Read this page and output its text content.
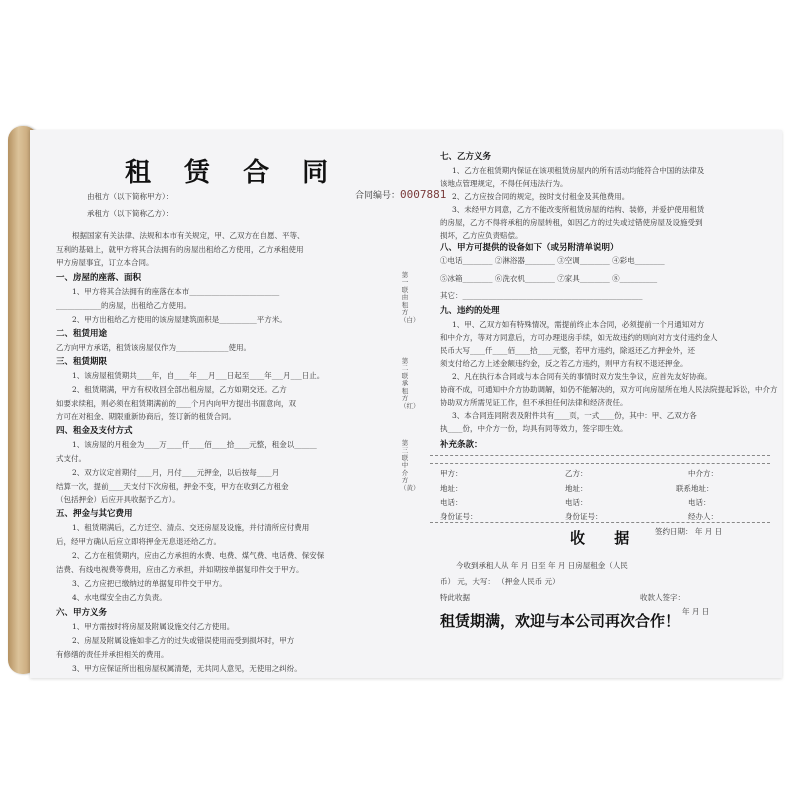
租 赁 合 同
合同编号：0007881
由租方（以下简称甲方）：
承租方（以下简称乙方）：
根据国家有关法律、法规和本市有关规定，甲、乙双方在自愿、平等、
互利的基础上，就甲方将其合法拥有的房屋出租给乙方使用，乙方承租使用
甲方房屋事宜，订立本合同。
一、房屋的座落、面积
1、甲方将其合法拥有的座落在本市________________________
____________的房屋，出租给乙方使用。
2、甲方出租给乙方使用的该房屋建筑面积是__________平方米。
二、租赁用途
乙方向甲方承诺，租赁该房屋仅作为______________使用。
三、租赁期限
1、该房屋租赁期共____年，自____年___月___日起至____年___月___日止。
2、租赁期满，甲方有权收回全部出租房屋，乙方如期交还。乙方
如要求续租，则必须在租赁期满前的____个月内向甲方提出书面意向，双
方可在对租金、期限重新协商后，签订新的租赁合同。
四、租金及支付方式
1、该房屋的月租金为____万____仟____佰____拾____元整，租金以______
式支付。
2、双方议定首期付____月，月付____元押金，以后按每____月
结算一次，提前____天支付下次房租，押金不变，甲方在收到乙方租金
（包括押金）后应开具收据予乙方）。
五、押金与其它费用
1、租赁期满后，乙方迁空、清点、交还房屋及设施，并付清所应付费用
后，经甲方确认后应立即将押金无息退还给乙方。
2、乙方在租赁期内，应由乙方承担的水费、电费、煤气费、电话费、保安保
洁费、有线电视费等费用，应由乙方承担，并如期按单据复印件交于甲方。
3、乙方应把已缴纳过的单据复印件交于甲方。
4、水电煤安全由乙方负责。
六、甲方义务
1、甲方需按时将房屋及附属设施交付乙方使用。
2、房屋及附属设施如非乙方的过失或错误使用而受到损坏时，甲方
有修缮的责任并承担相关的费用。
3、甲方应保证所出租房屋权属清楚，无共同人意见，无使用之纠纷。
第一联由租方（白）
第二联承租方（红）
第三联中介方（黄）
七、乙方义务
1、乙方在租赁期内保证在该项租赁房屋内的所有活动均能符合中国的法律及
该地点管理规定，不得任何违法行为。
2、乙方应按合同的规定，按时支付租金及其他费用。
3、未经甲方同意，乙方不能改变所租赁房屋的结构、装修，并爱护使用租赁
的房屋，乙方不得将承租的房屋转租，如因乙方的过失或过错使房屋及设施受到
损坏，乙方应负责赔偿。
八、甲方可提供的设备如下（或另附清单说明）
①电话________ ②淋浴器________ ③空调________ ④彩电________
⑤冰箱________ ⑥洗衣机________ ⑦家具________ ⑧__________
其它：________________________________________________
九、违约的处理
1、甲、乙双方如有特殊情况，需提前终止本合同，必须提前一个月通知对方
和中介方，等对方同意后，方可办理退房手续，如无故违约的则向对方支付违约金人
民币大写____仟____佰____拾____元整，若甲方违约，除返还乙方押金外，还
须支付给乙方上述金额违约金，反之若乙方违约，则甲方有权不退还押金。
2、凡在执行本合同或与本合同有关的事情时双方发生争议，应首先友好协商。
协商不成，可通知中介方协助调解，如仍不能解决的，双方可向房屋所在地人民法院提起诉讼，中介方
协助双方所需见证工作，但不承担任何法律和经济责任。
3、本合同连同附表及附件共有____页，一式____份，其中：甲、乙双方各
执____份，中介方一份，均具有同等效力，签字即生效。
补充条款：
甲方：	乙方：	中介方：
地址：	地址：	联系地址：
电话：	电话：	电话：
身份证号：	身份证号：	经办人：
签约日期： 年 月 日
今收到承租人从 年 月 日至 年 月 日房屋租金（人民
币） 元，大写： （押金人民币 元）
特此收据	收款人签字：
年 月 日
收 据
租赁期满，欢迎与本公司再次合作！
